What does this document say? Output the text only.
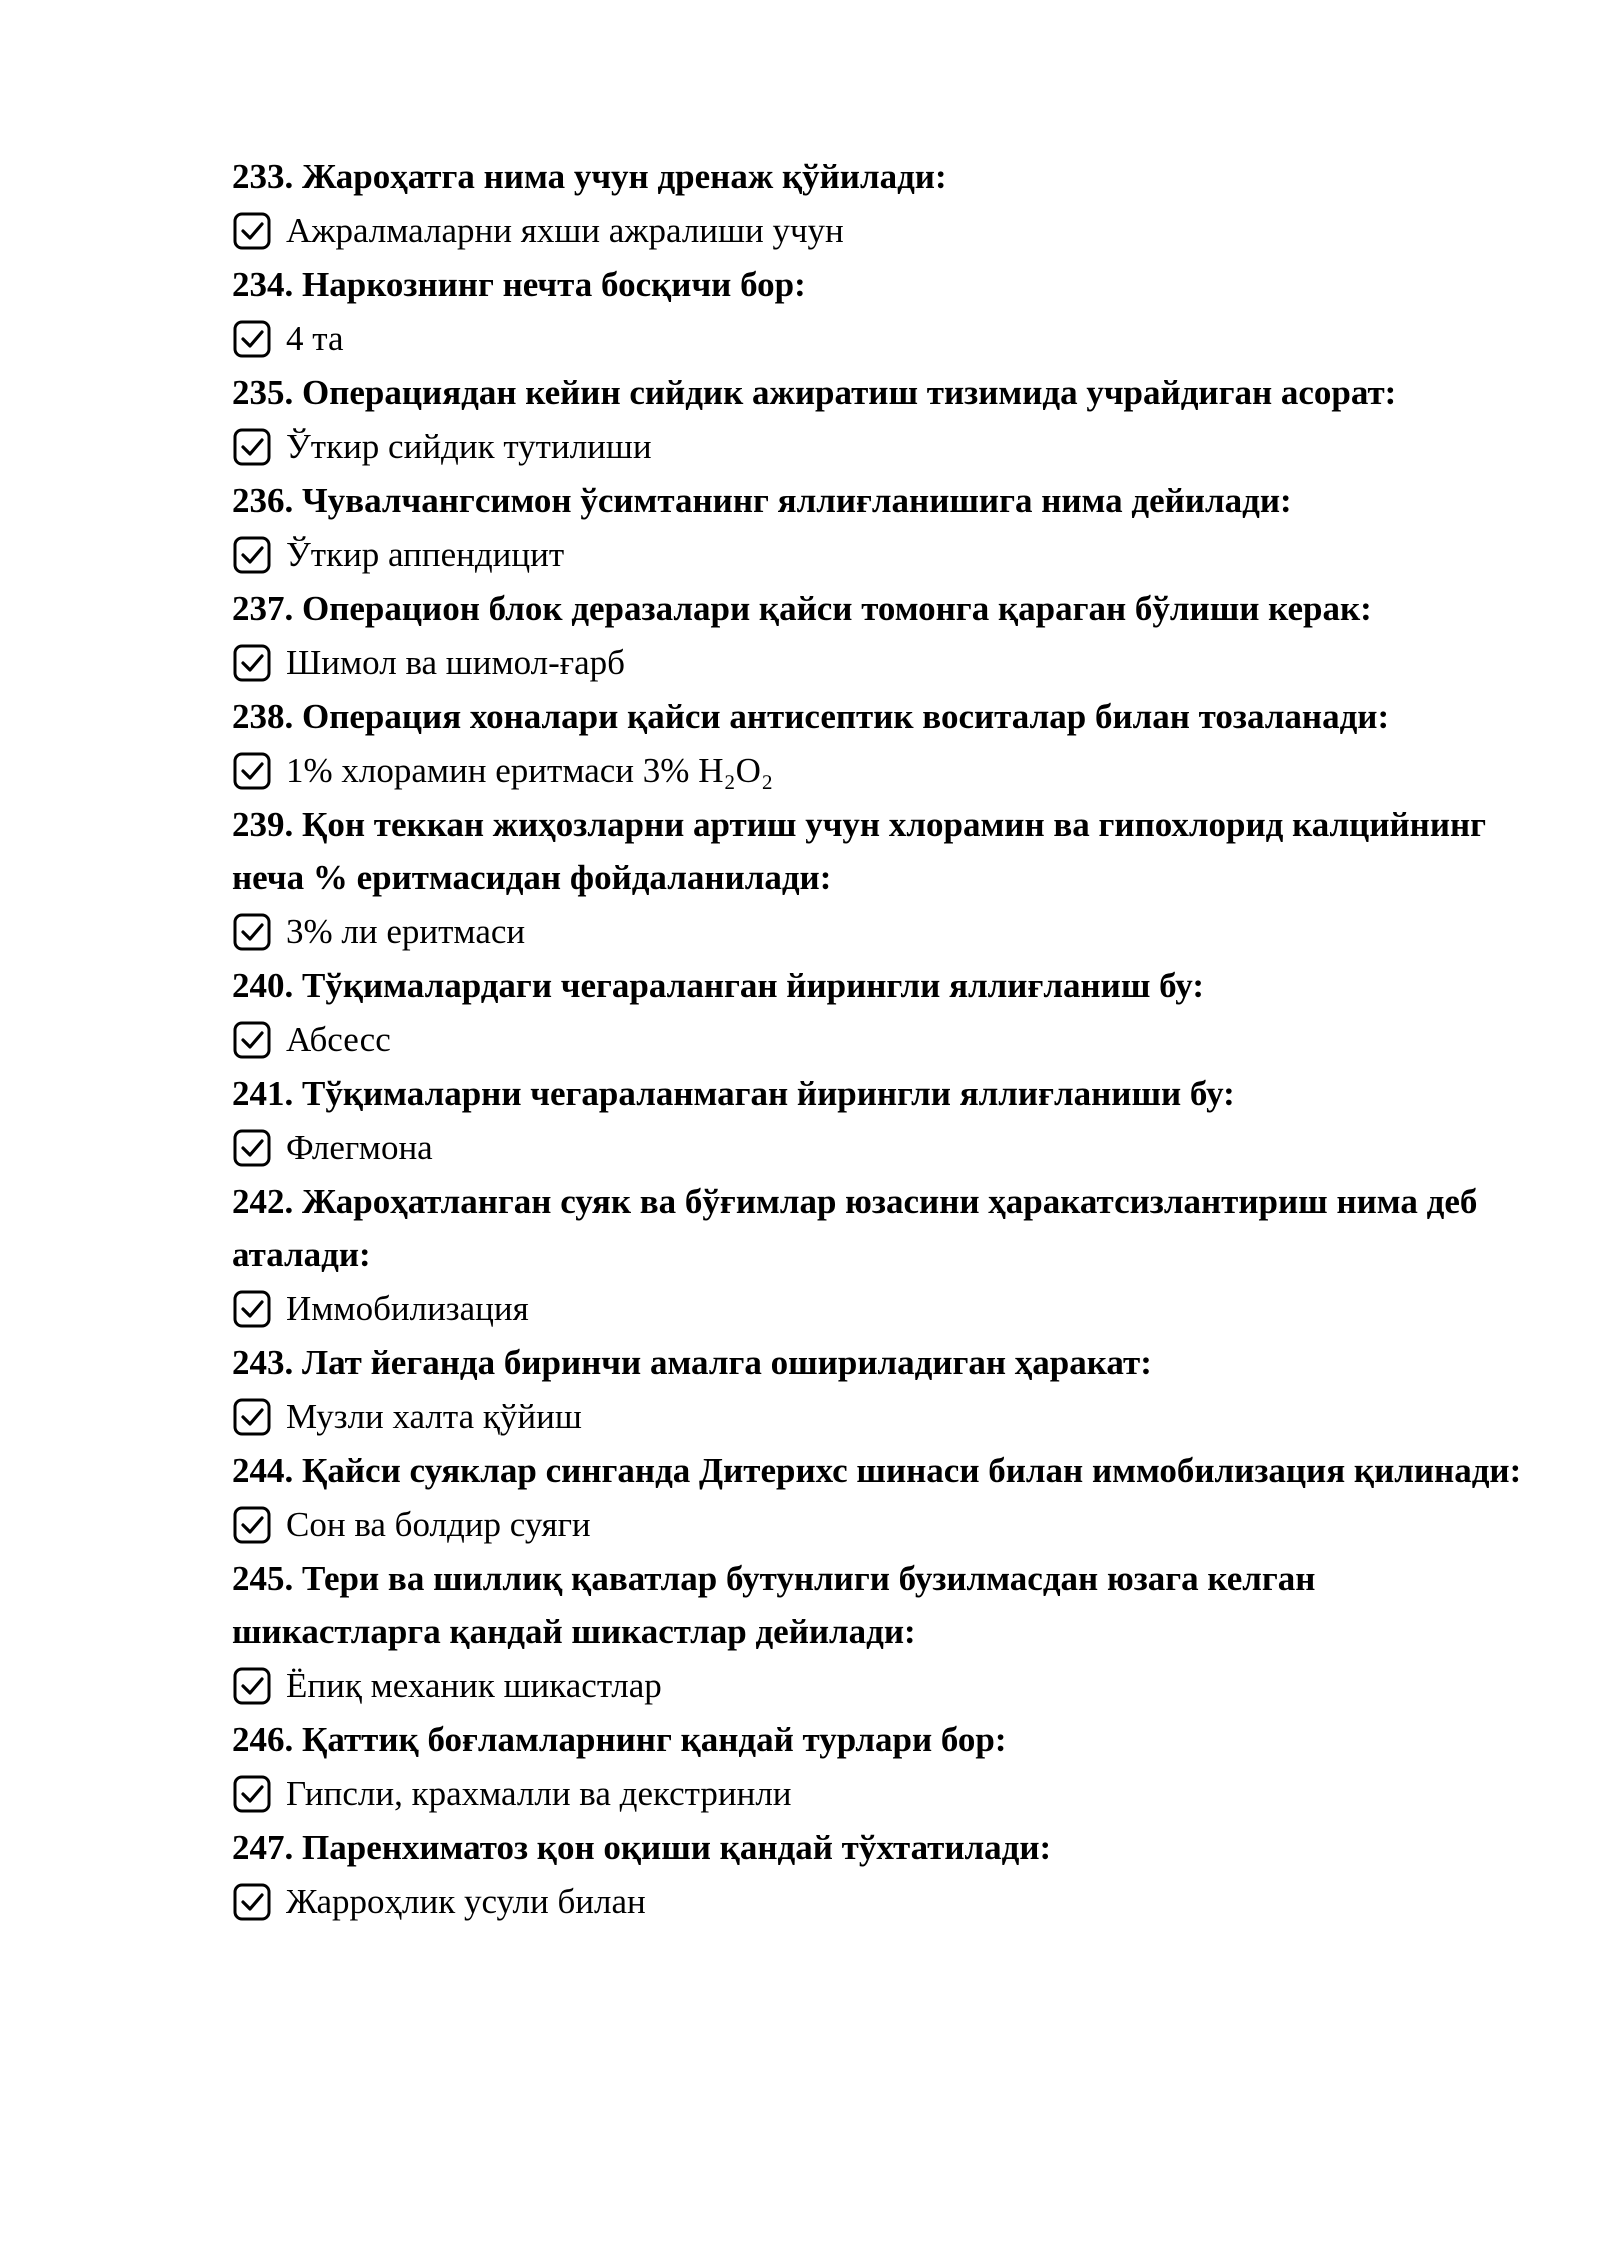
233. Жароҳатга нима учун дренаж қўйилади:

Ажралмаларни яхши ажралиши учун

234. Наркознинг нечта босқичи бор:

4 та

235. Операциядан кейин сийдик ажиратиш тизимида учрайдиган асорат:

Ўткир сийдик тутилиши

236. Чувалчангсимон ўсимтанинг яллиғланишига нима дейилади:

Ўткир аппендицит

237. Операцион блок деразалари қайси томонга қараган бўлиши керак:

Шимол ва шимол-ғарб

238. Операция хоналари қайси антисептик воситалар билан тозаланади:

1% хлорамин еритмаси 3% H₂O₂

239. Қон теккан жиҳозларни артиш учун хлорамин ва гипохлорид калцийнинг неча % еритмасидан фойдаланилади:

3% ли еритмаси

240. Тўқималардаги чегараланган йирингли яллиғланиш бу:

Абсесс

241. Тўқималарни чегараланмаган йирингли яллиғланиши бу:

Флегмона

242. Жароҳатланган суяк ва бўғимлар юзасини ҳаракатсизлантириш нима деб аталади:

Иммобилизация

243. Лат йеганда биринчи амалга ошириладиган ҳаракат:

Музли халта қўйиш

244. Қайси суяклар синганда Дитерихс шинаси билан иммобилизация қилинади:

Сон ва болдир суяги

245. Тери ва шиллиқ қаватлар бутунлиги бузилмасдан юзага келган шикастларга қандай шикастлар дейилади:

Ёпиқ механик шикастлар

246. Қаттиқ боғламларнинг қандай турлари бор:

Гипсли, крахмалли ва декстринли

247. Паренхиматоз қон оқиши қандай тўхтатилади:

Жарроҳлик усули билан
